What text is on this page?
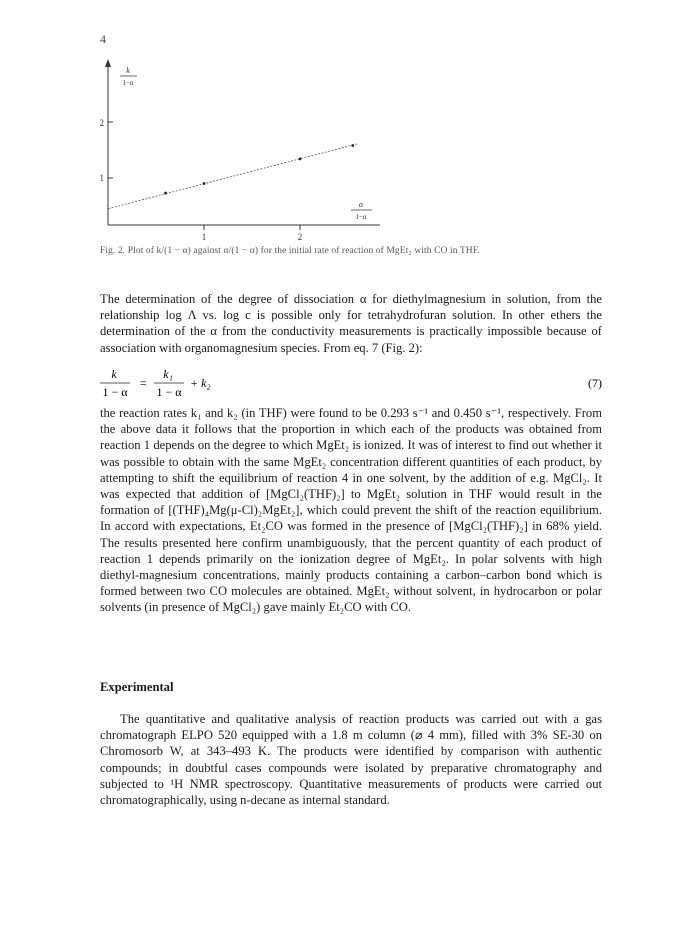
4
k
1−α
α
1−α
1
2
1	2
Fig. 2. Plot of k/(1 − α) against α/(1 − α) for the initial rate of reaction of MgEt₂ with CO in THF.

The determination of the degree of dissociation α for diethylmagnesium in solution, from the relationship log Λ vs. log c is possible only for tetrahydrofuran solution. In other ethers the determination of the α from the conductivity measurements is practically impossible because of association with organomagnesium species. From eq. 7 (Fig. 2):

k
1 − α
=
k₁
1 − α
+ k₂	(7)

the reaction rates k₁ and k₂ (in THF) were found to be 0.293 s⁻¹ and 0.450 s⁻¹, respectively. From the above data it follows that the proportion in which each of the products was obtained from reaction 1 depends on the degree to which MgEt₂ is ionized. It was of interest to find out whether it was possible to obtain with the same MgEt₂ concentration different quantities of each product, by attempting to shift the equilibrium of reaction 4 in one solvent, by the addition of e.g. MgCl₂. It was expected that addition of [MgCl₂(THF)₂] to MgEt₂ solution in THF would result in the formation of [(THF)₄Mg(μ-Cl)₂MgEt₂], which could prevent the shift of the reaction equilibrium. In accord with expectations, Et₂CO was formed in the presence of [MgCl₂(THF)₂] in 68% yield. The results presented here confirm unambiguously, that the percent quantity of each product of reaction 1 depends primarily on the ionization degree of MgEt₂. In polar solvents with high diethyl-magnesium concentrations, mainly products containing a carbon–carbon bond which is formed between two CO molecules are obtained. MgEt₂ without solvent, in hydrocarbon or polar solvents (in presence of MgCl₂) gave mainly Et₂CO with CO.

Experimental

The quantitative and qualitative analysis of reaction products was carried out with a gas chromatograph ELPO 520 equipped with a 1.8 m column (⌀ 4 mm), filled with 3% SE-30 on Chromosorb W, at 343–493 K. The products were identified by comparison with authentic compounds; in doubtful cases compounds were isolated by preparative chromatography and subjected to ¹H NMR spectroscopy. Quantitative measurements of products were carried out chromatographically, using n-decane as internal standard.
